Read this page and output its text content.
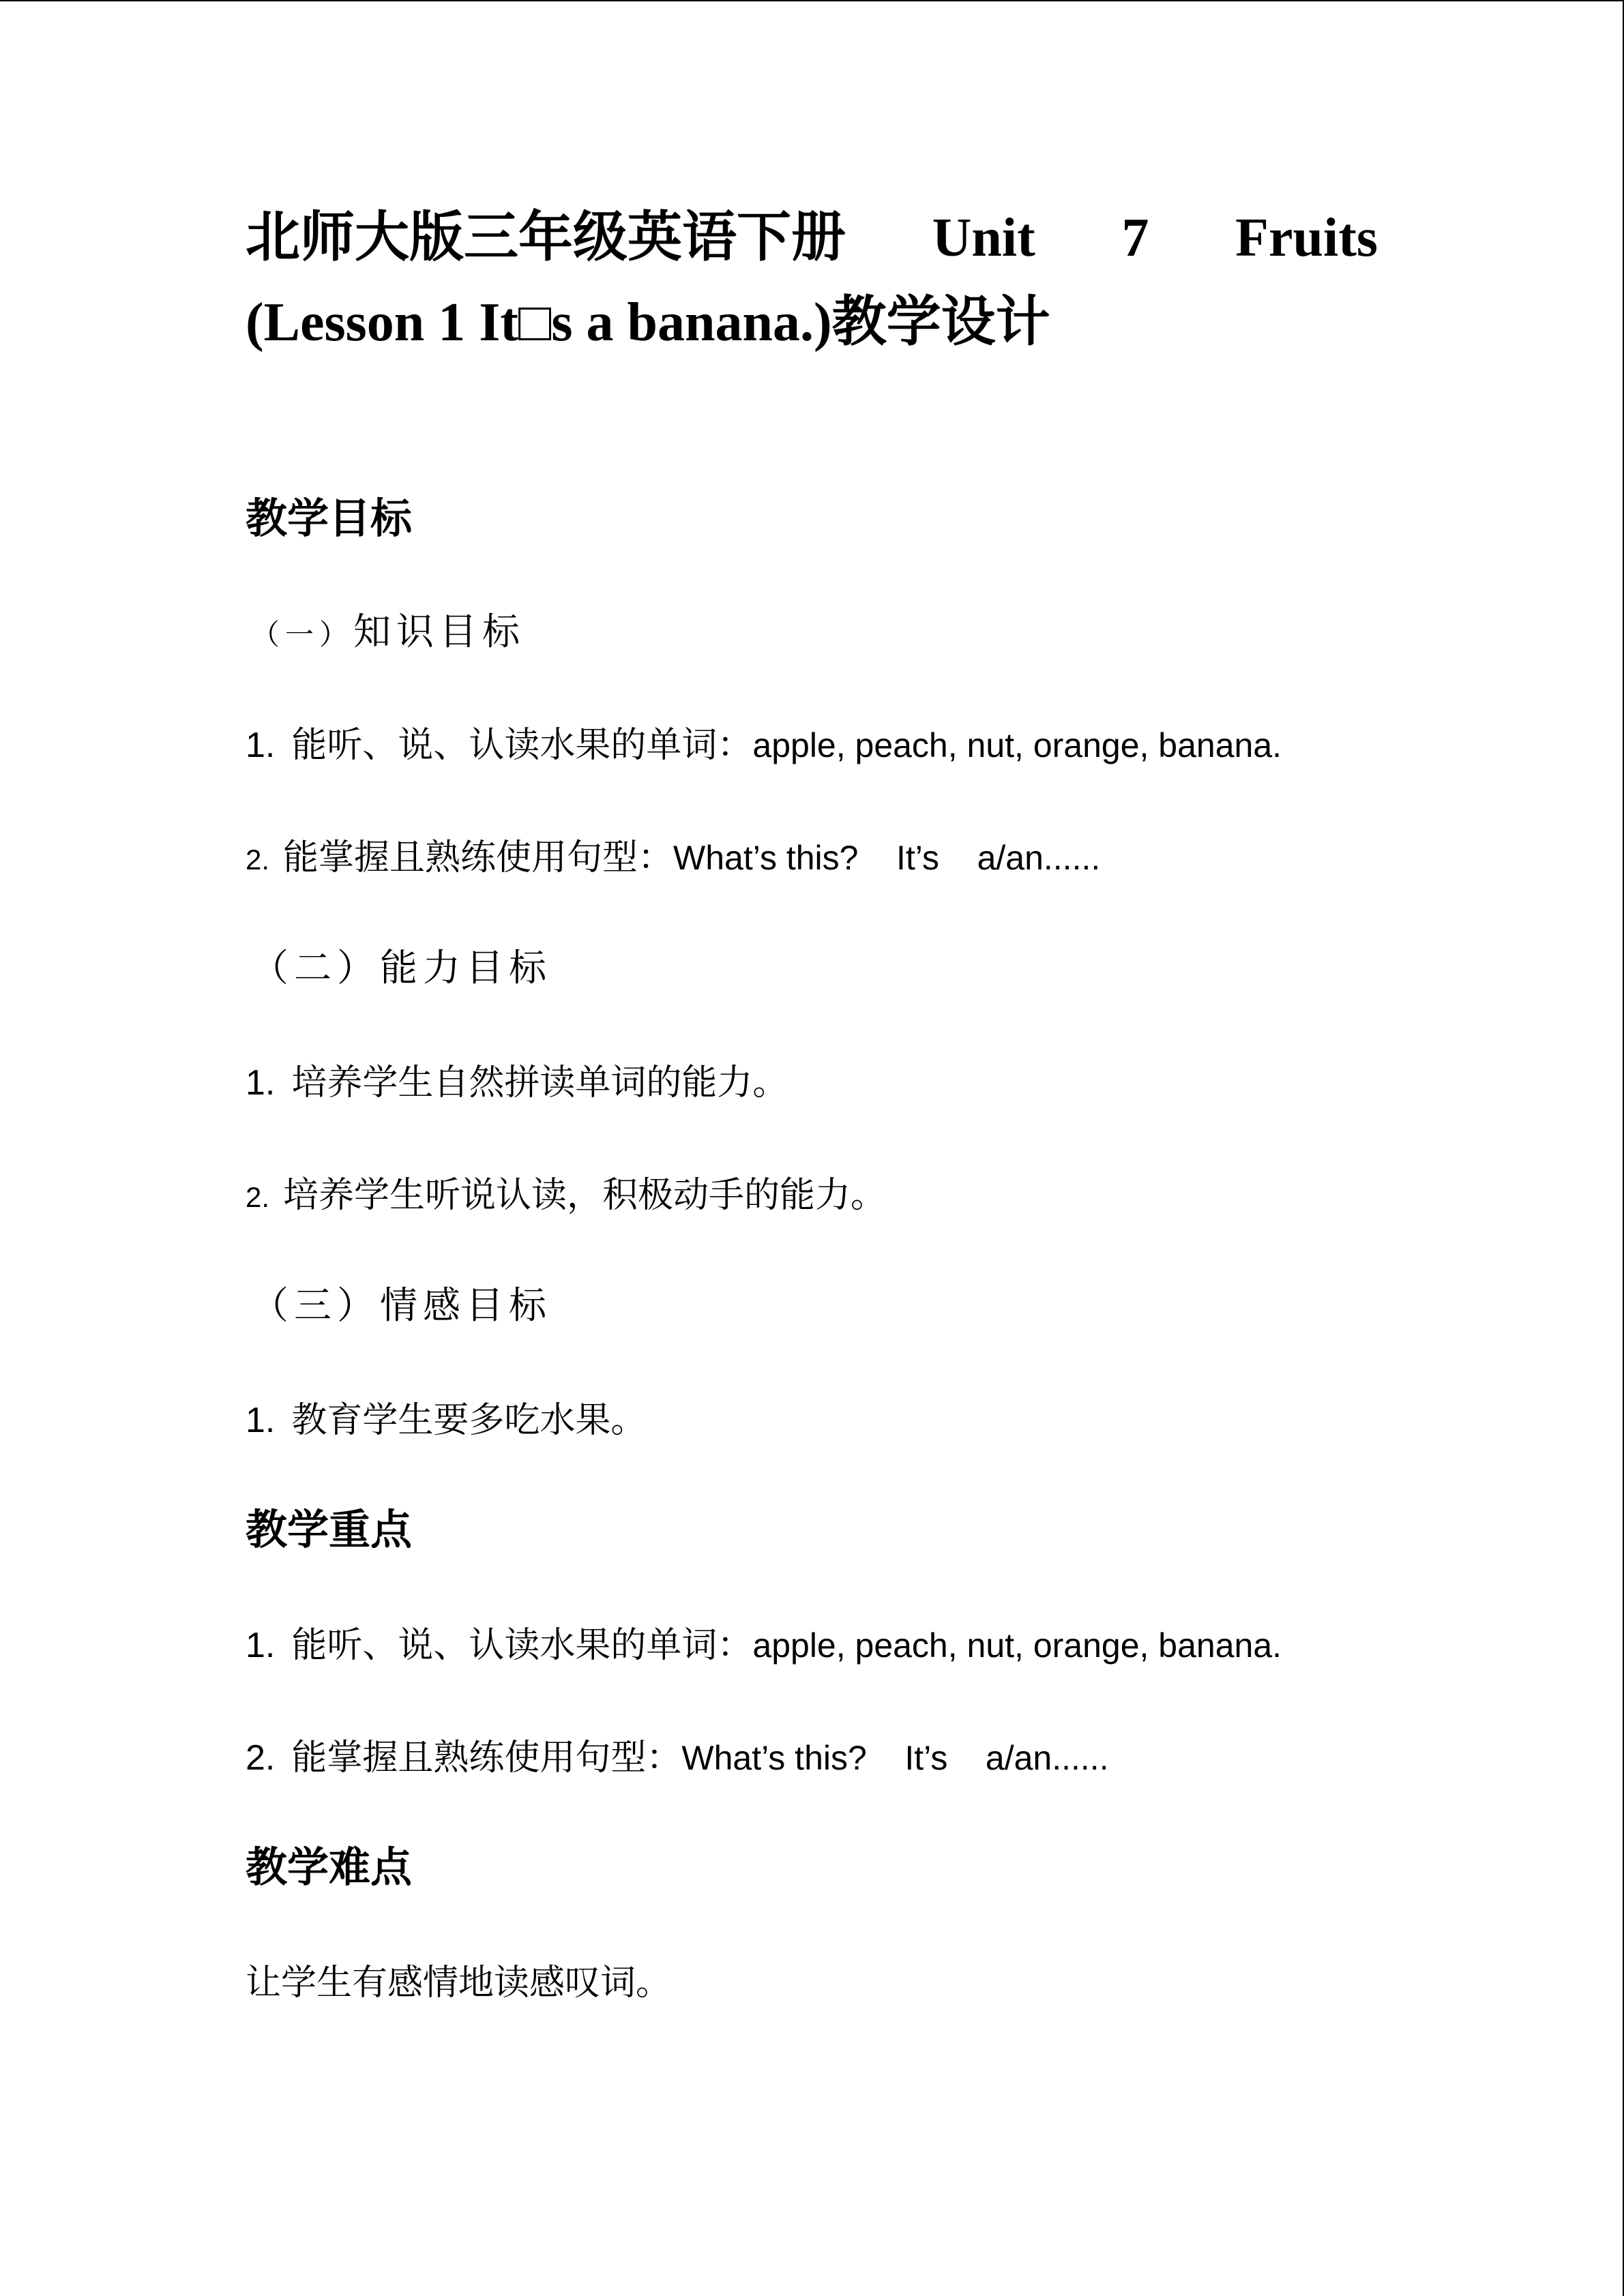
北师大版三年级英语下册 Unit 7 Fruits
(Lesson 1 It□s a banana.)教学设计
教学目标
（一）知识目标
1. 能听、说、认读水果的单词：apple, peach, nut, orange, banana.
2. 能掌握且熟练使用句型：What’s this?    It’s    a/an......
（二）能力目标
1. 培养学生自然拼读单词的能力。
2. 培养学生听说认读，积极动手的能力。
（三）情感目标
1. 教育学生要多吃水果。
教学重点
1. 能听、说、认读水果的单词：apple, peach, nut, orange, banana.
2. 能掌握且熟练使用句型：What’s this?    It’s    a/an......
教学难点
让学生有感情地读感叹词。
